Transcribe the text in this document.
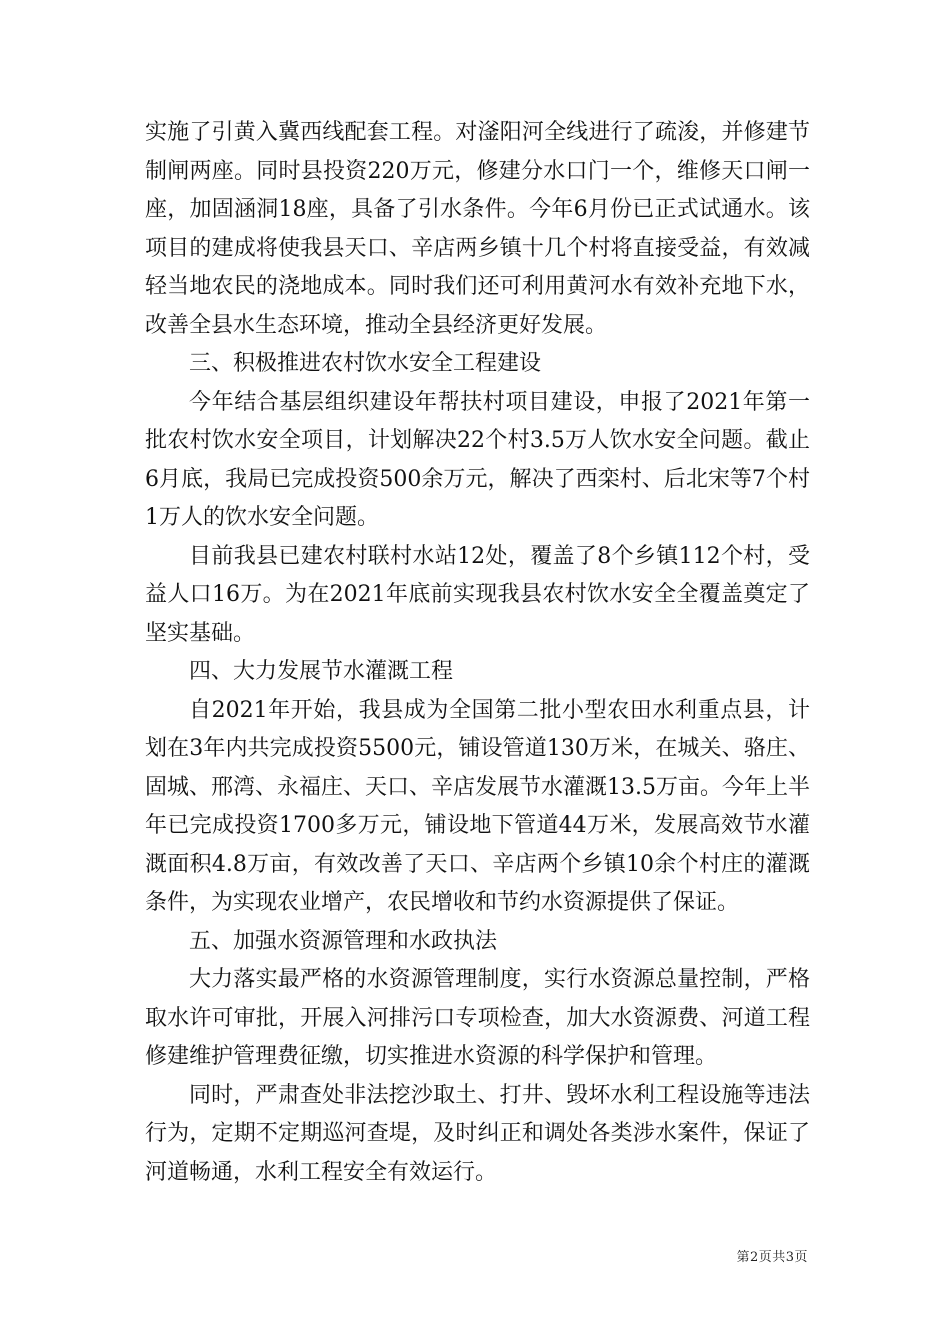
实施了引黄入冀西线配套工程。对滏阳河全线进行了疏浚，并修建节制闸两座。同时县投资220万元，修建分水口门一个，维修天口闸一座，加固涵洞18座，具备了引水条件。今年6月份已正式试通水。该项目的建成将使我县天口、辛店两乡镇十几个村将直接受益，有效减轻当地农民的浇地成本。同时我们还可利用黄河水有效补充地下水，改善全县水生态环境，推动全县经济更好发展。

三、积极推进农村饮水安全工程建设

今年结合基层组织建设年帮扶村项目建设，申报了2021年第一批农村饮水安全项目，计划解决22个村3.5万人饮水安全问题。截止6月底，我局已完成投资500余万元，解决了西栾村、后北宋等7个村1万人的饮水安全问题。

目前我县已建农村联村水站12处，覆盖了8个乡镇112个村，受益人口16万。为在2021年底前实现我县农村饮水安全全覆盖奠定了坚实基础。

四、大力发展节水灌溉工程

自2021年开始，我县成为全国第二批小型农田水利重点县，计划在3年内共完成投资5500元，铺设管道130万米，在城关、骆庄、固城、邢湾、永福庄、天口、辛店发展节水灌溉13.5万亩。今年上半年已完成投资1700多万元，铺设地下管道44万米，发展高效节水灌溉面积4.8万亩，有效改善了天口、辛店两个乡镇10余个村庄的灌溉条件，为实现农业增产，农民增收和节约水资源提供了保证。

五、加强水资源管理和水政执法

大力落实最严格的水资源管理制度，实行水资源总量控制，严格取水许可审批，开展入河排污口专项检查，加大水资源费、河道工程修建维护管理费征缴，切实推进水资源的科学保护和管理。

同时，严肃查处非法挖沙取土、打井、毁坏水利工程设施等违法行为，定期不定期巡河查堤，及时纠正和调处各类涉水案件，保证了河道畅通，水利工程安全有效运行。

第2页共3页
